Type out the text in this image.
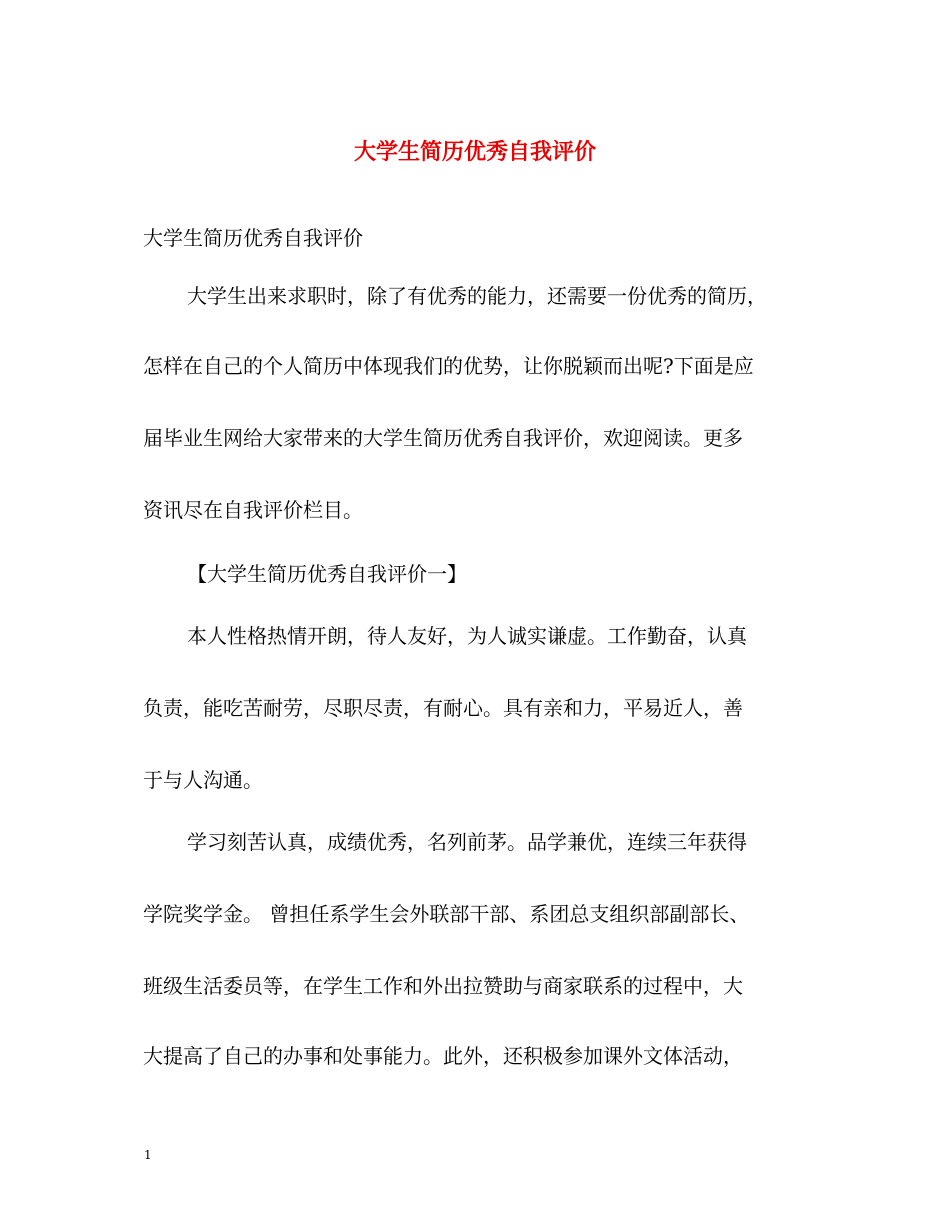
大学生简历优秀自我评价
大学生简历优秀自我评价
大学生出来求职时，除了有优秀的能力，还需要一份优秀的简历，
怎样在自己的个人简历中体现我们的优势，让你脱颖而出呢?下面是应
届毕业生网给大家带来的大学生简历优秀自我评价，欢迎阅读。更多
资讯尽在自我评价栏目。
【大学生简历优秀自我评价一】
本人性格热情开朗，待人友好，为人诚实谦虚。工作勤奋，认真
负责，能吃苦耐劳，尽职尽责，有耐心。具有亲和力，平易近人，善
于与人沟通。
学习刻苦认真，成绩优秀，名列前茅。品学兼优，连续三年获得
学院奖学金。 曾担任系学生会外联部干部、系团总支组织部副部长、
班级生活委员等，在学生工作和外出拉赞助与商家联系的过程中，大
大提高了自己的办事和处事能力。此外，还积极参加课外文体活动，
1
